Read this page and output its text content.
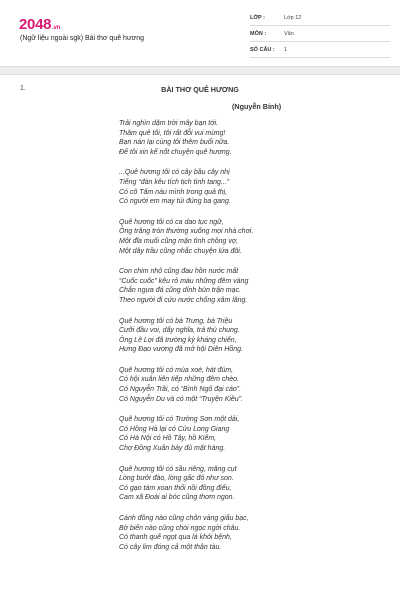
2048.vn
(Ngữ liệu ngoài sgk) Bài thơ quê hương
LỚP :	Lớp 12
MÔN :	Văn
SỐ CÂU :	1
1.	BÀI THƠ QUÊ HƯƠNG
(Nguyễn Bính)
Trải nghìn dặm trời mây bạn tới.
Thăm quê tôi, tôi rất đỗi vui mừng!
Bạn nán lại cùng tôi thêm buổi nữa.
Để tôi xin kể nốt chuyện quê hương.
...Quê hương tôi có cây bầu cây nhị
Tiếng “đàn kêu tích tịch tình tang...”
Có cô Tấm náu mình trong quả thị,
Có người em may túi đúng ba gang.
Quê hương tôi có ca dao tục ngữ,
Ông trăng tròn thường xuống mọi nhà chơi.
Một đĩa muối cũng mặn tình chồng vợ,
Một dây trầu cũng nhắc chuyện lứa đôi.
Con chim nhỏ cũng đau hồn nước mất
“Cuốc cuốc” kêu rỏ máu những đêm vàng
Chắn ngựa đá cũng dính bùn trận mạc.
Theo người đi cứu nước chống xâm lăng.
Quê hương tôi có bà Trưng, bà Triệu
Cưỡi đầu voi, dấy nghĩa, trả thù chung.
Ông Lê Lợi đã trường kỳ kháng chiến,
Hưng Đạo vương đã mở hội Diên Hồng.
Quê hương tôi có múa xoè, hát đúm,
Có hội xuân liên tiếp những đêm chèo.
Có Nguyễn Trãi, có “Bình Ngô đại cáo”.
Có Nguyễn Du và có một “Truyện Kiều”.
Quê hương tôi có Trường Sơn một dải,
Có Hồng Hà lại có Cửu Long Giang
Có Hà Nội có Hồ Tây, hồ Kiếm,
Chợ Đồng Xuân bày đủ mặt hàng.
Quê hương tôi có sầu riêng, măng cụt
Lòng bưởi đào, lòng gấc đỏ như son.
Có gạo tám xoan thổi nồi đồng điếu,
Cam xã Đoài ai bóc cũng thơm ngon.
Cánh đồng nào cũng chôn vàng giấu bạc,
Bờ biển nào cũng chói ngọc ngời châu.
Có thanh quế ngọt qua lá khỏi bệnh,
Có cây lim đóng cả một thân tàu.
